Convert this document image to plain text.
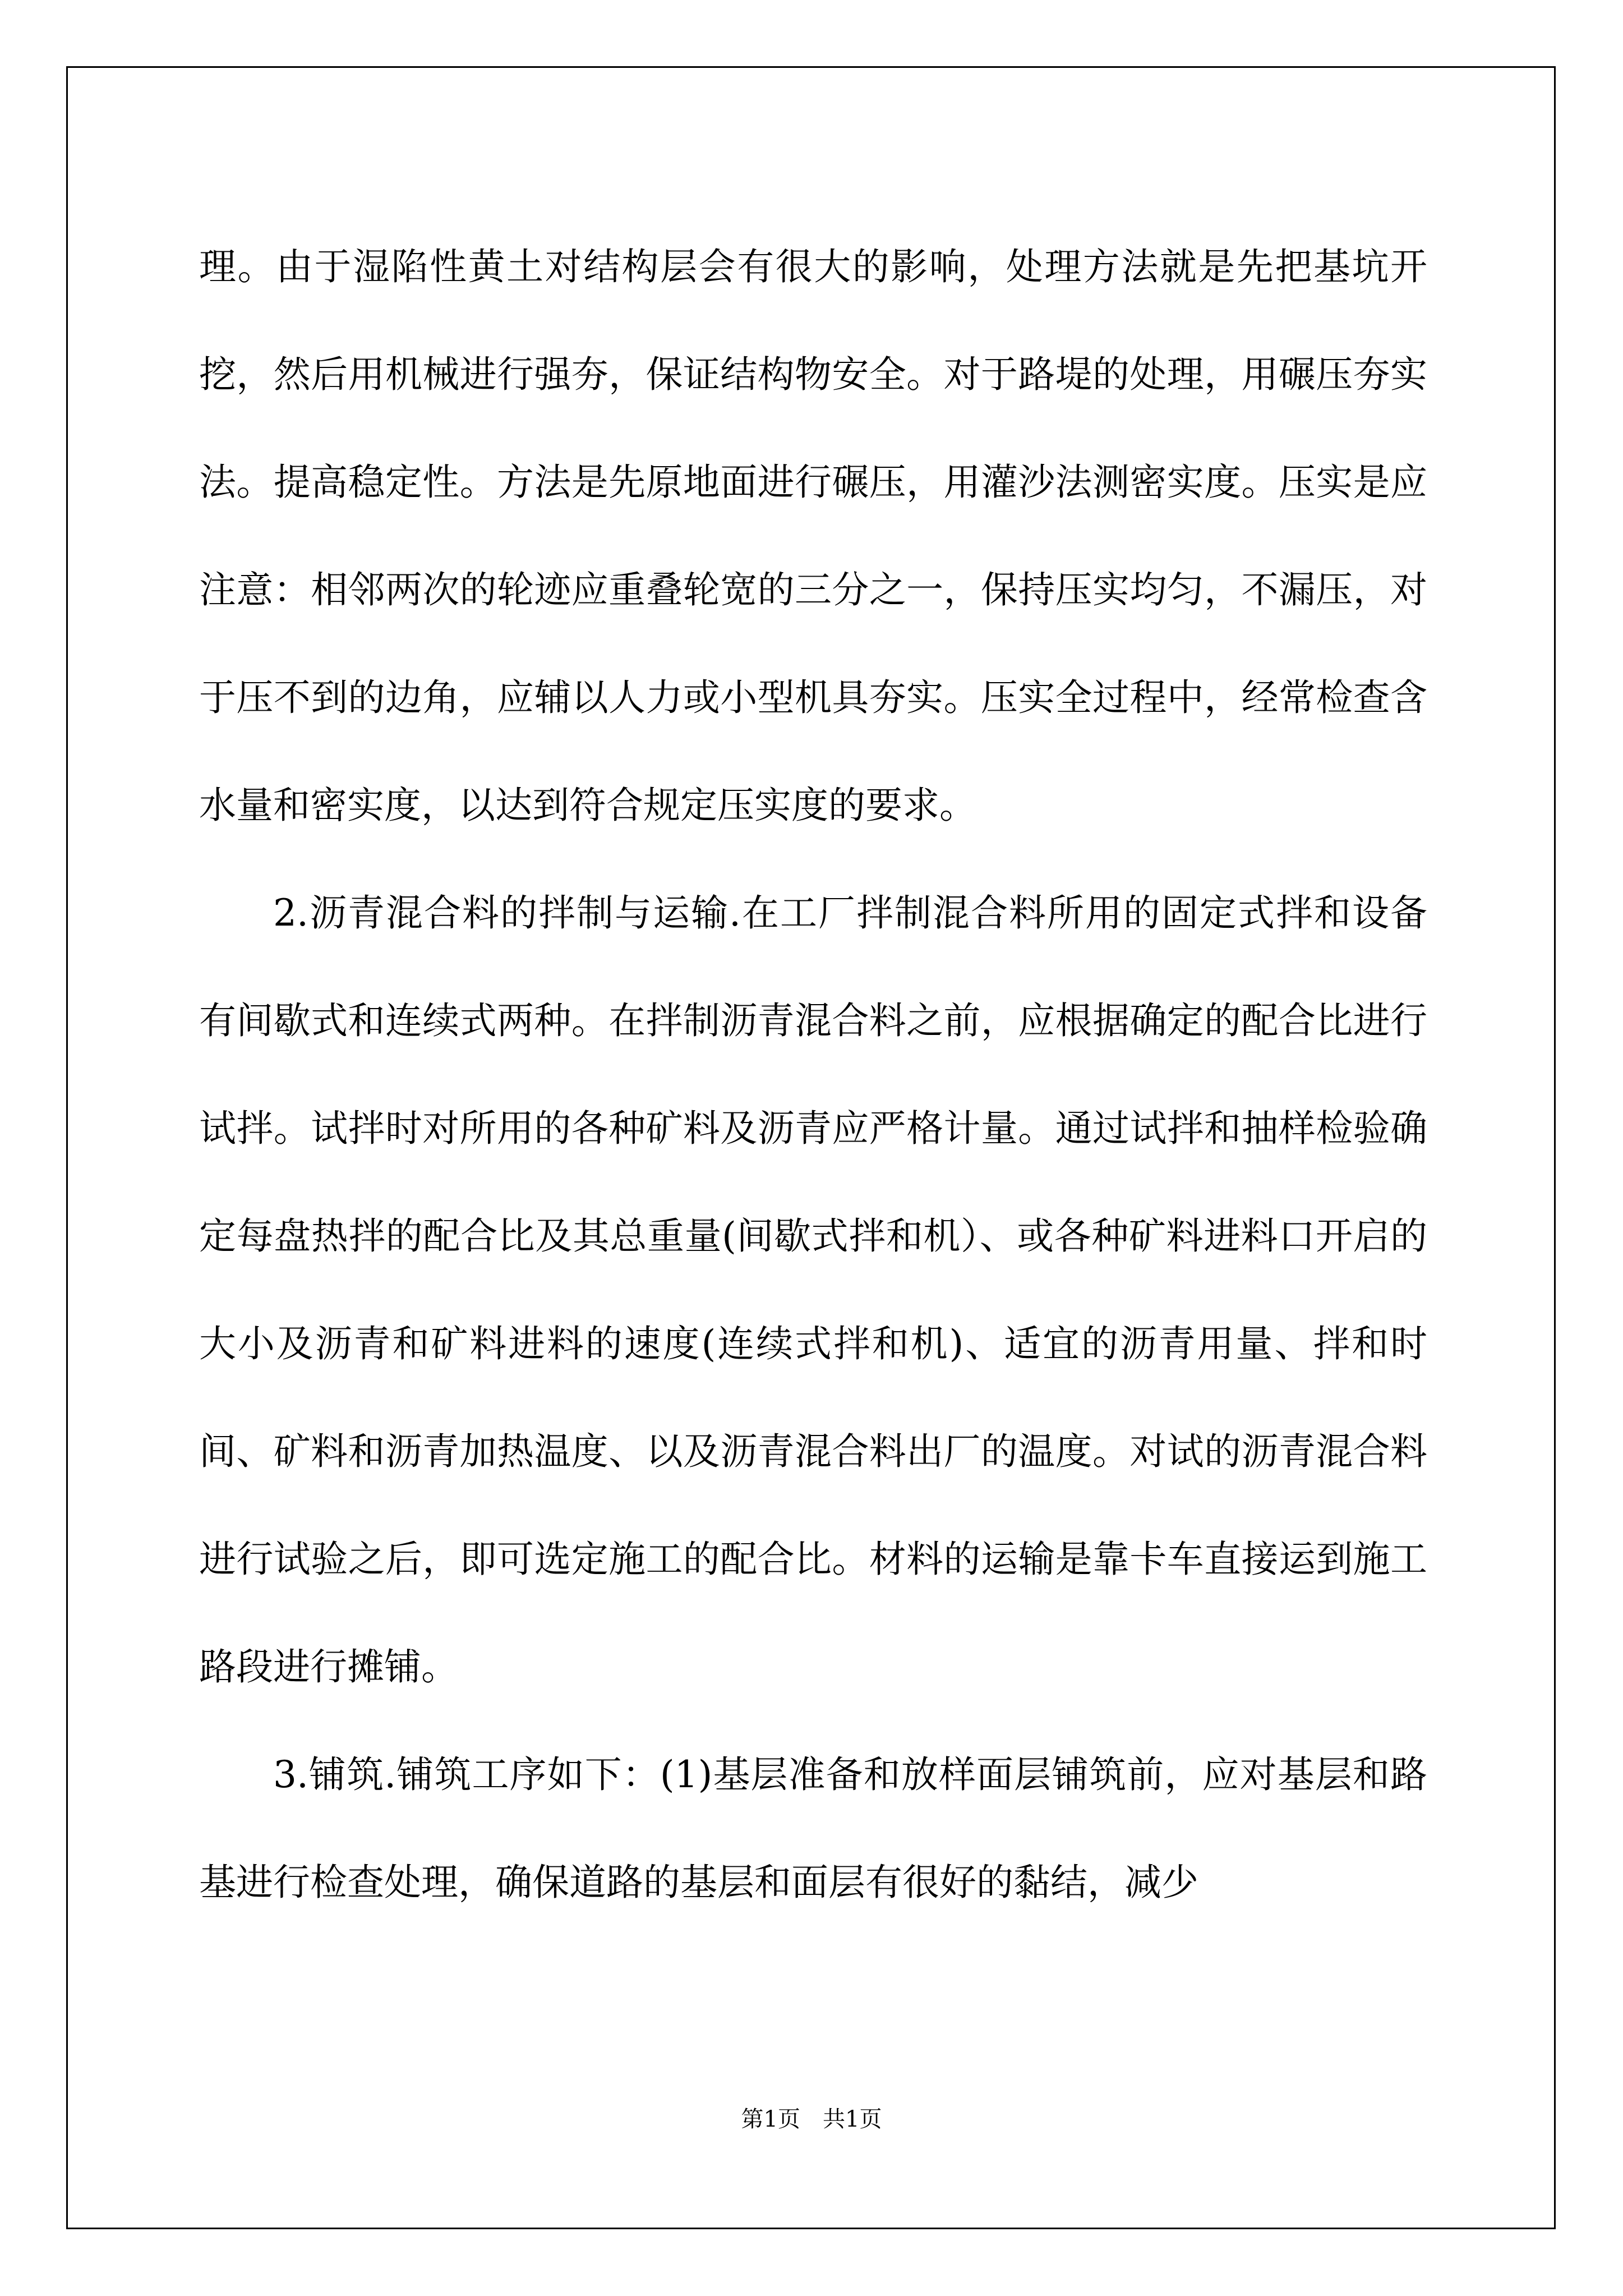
理。由于湿陷性黄土对结构层会有很大的影响，处理方法就是先把基坑开挖，然后用机械进行强夯，保证结构物安全。对于路堤的处理，用碾压夯实法。提高稳定性。方法是先原地面进行碾压，用灌沙法测密实度。压实是应注意：相邻两次的轮迹应重叠轮宽的三分之一，保持压实均匀，不漏压，对于压不到的边角，应辅以人力或小型机具夯实。压实全过程中，经常检查含水量和密实度，以达到符合规定压实度的要求。

2.沥青混合料的拌制与运输.在工厂拌制混合料所用的固定式拌和设备有间歇式和连续式两种。在拌制沥青混合料之前，应根据确定的配合比进行试拌。试拌时对所用的各种矿料及沥青应严格计量。通过试拌和抽样检验确定每盘热拌的配合比及其总重量(间歇式拌和机）、或各种矿料进料口开启的大小及沥青和矿料进料的速度(连续式拌和机)、适宜的沥青用量、拌和时间、矿料和沥青加热温度、以及沥青混合料出厂的温度。对试的沥青混合料进行试验之后，即可选定施工的配合比。材料的运输是靠卡车直接运到施工路段进行摊铺。

3.铺筑.铺筑工序如下：(1)基层准备和放样面层铺筑前，应对基层和路基进行检查处理，确保道路的基层和面层有很好的黏结，减少

第1页 共1页
